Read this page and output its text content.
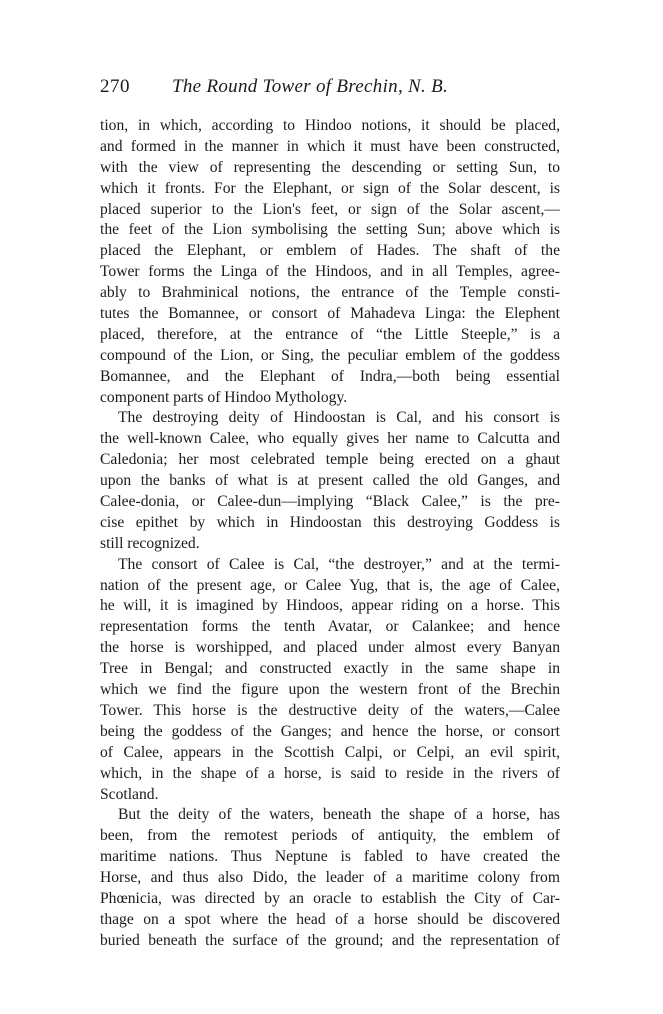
270 The Round Tower of Brechin, N. B.
tion, in which, according to Hindoo notions, it should be placed,
and formed in the manner in which it must have been constructed,
with the view of representing the descending or setting Sun, to
which it fronts. For the Elephant, or sign of the Solar descent, is
placed superior to the Lion's feet, or sign of the Solar ascent,—
the feet of the Lion symbolising the setting Sun; above which is
placed the Elephant, or emblem of Hades. The shaft of the
Tower forms the Linga of the Hindoos, and in all Temples, agree-
ably to Brahminical notions, the entrance of the Temple consti-
tutes the Bomannee, or consort of Mahadeva Linga: the Elephent
placed, therefore, at the entrance of “the Little Steeple,” is a
compound of the Lion, or Sing, the peculiar emblem of the goddess
Bomannee, and the Elephant of Indra,—both being essential
component parts of Hindoo Mythology.
The destroying deity of Hindoostan is Cal, and his consort is
the well-known Calee, who equally gives her name to Calcutta and
Caledonia; her most celebrated temple being erected on a ghaut
upon the banks of what is at present called the old Ganges, and
Calee-donia, or Calee-dun—implying “Black Calee,” is the pre-
cise epithet by which in Hindoostan this destroying Goddess is
still recognized.
The consort of Calee is Cal, “the destroyer,” and at the termi-
nation of the present age, or Calee Yug, that is, the age of Calee,
he will, it is imagined by Hindoos, appear riding on a horse. This
representation forms the tenth Avatar, or Calankee; and hence
the horse is worshipped, and placed under almost every Banyan
Tree in Bengal; and constructed exactly in the same shape in
which we find the figure upon the western front of the Brechin
Tower. This horse is the destructive deity of the waters,—Calee
being the goddess of the Ganges; and hence the horse, or consort
of Calee, appears in the Scottish Calpi, or Celpi, an evil spirit,
which, in the shape of a horse, is said to reside in the rivers of
Scotland.
But the deity of the waters, beneath the shape of a horse, has
been, from the remotest periods of antiquity, the emblem of
maritime nations. Thus Neptune is fabled to have created the
Horse, and thus also Dido, the leader of a maritime colony from
Phœnicia, was directed by an oracle to establish the City of Car-
thage on a spot where the head of a horse should be discovered
buried beneath the surface of the ground; and the representation of
